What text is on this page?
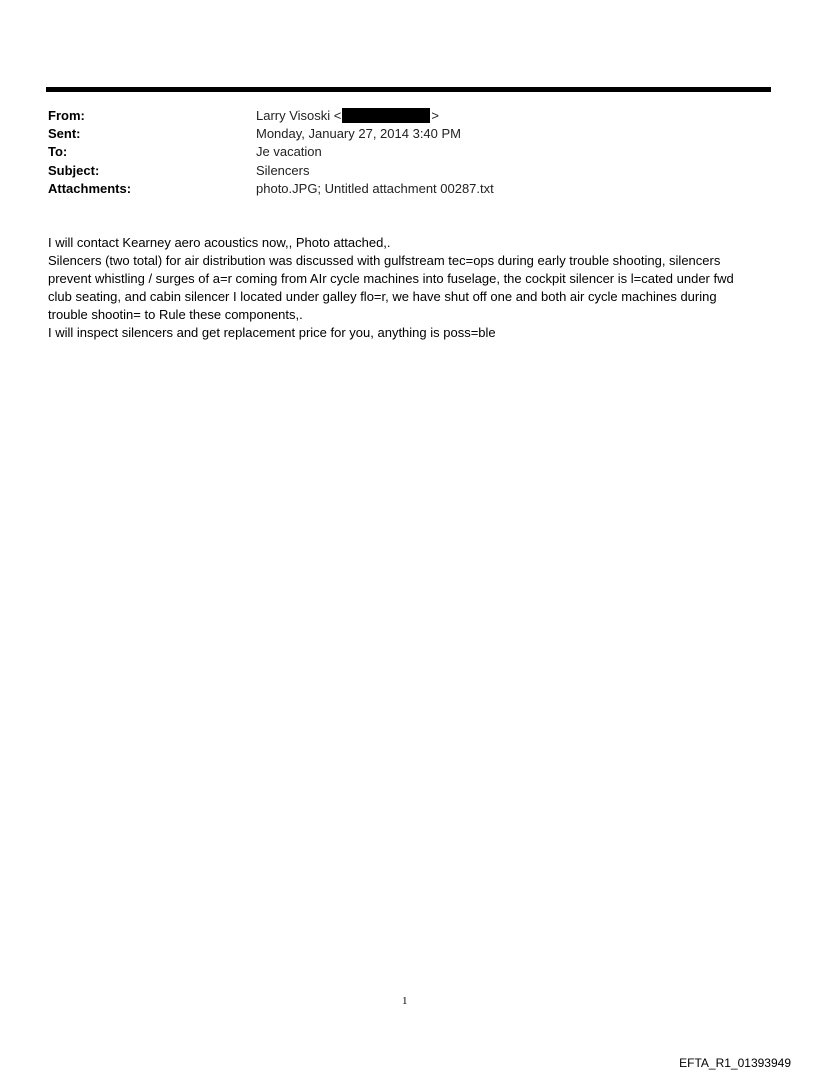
From:	Larry Visoski <	>
Sent:	Monday, January 27, 2014 3:40 PM
To:	Je vacation
Subject:	Silencers
Attachments:	photo.JPG; Untitled attachment 00287.txt

I will contact Kearney aero acoustics now,, Photo attached,.

Silencers (two total) for air distribution was discussed with gulfstream tec=ops during early trouble shooting, silencers

prevent whistling / surges of a=r coming from AIr cycle machines into fuselage, the cockpit silencer is l=cated under fwd

club seating, and cabin silencer I located under galley flo=r, we have shut off one and both air cycle machines during

trouble shootin= to Rule these components,.

I will inspect silencers and get replacement price for you, anything is poss=ble

1
EFTA_R1_01393949
